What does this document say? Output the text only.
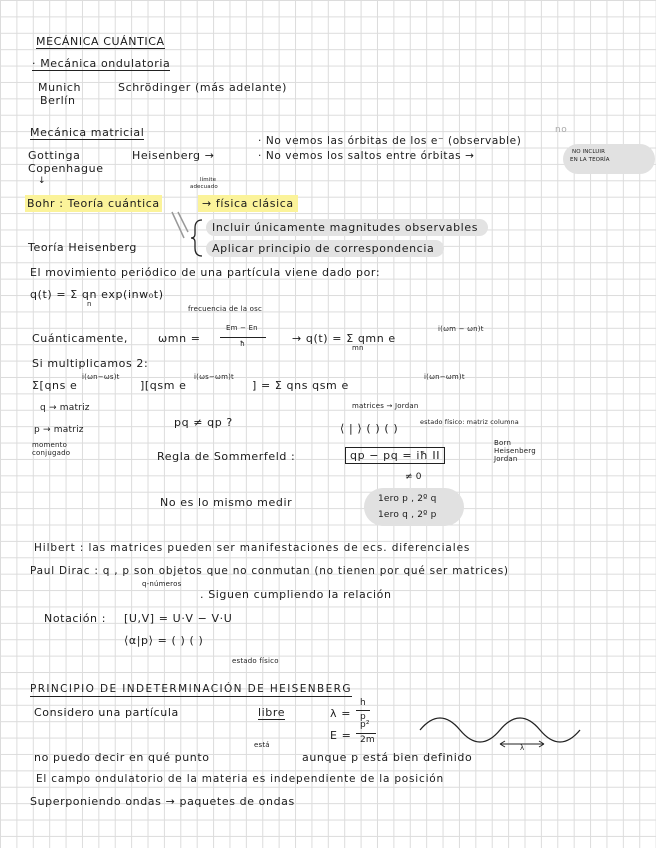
MECÁNICA CUÁNTICA
· Mecánica ondulatoria
Munich
Berlín
Schrödinger (más adelante)
Mecánica matricial
Gottinga
Copenhague
↓
Heisenberg →
no
· No vemos las órbitas de los e⁻ (observable)
· No vemos los saltos entre órbitas →	NO INCLUIR
EN LA TEORÍA
límite
adecuado
Bohr : Teoría cuántica	→ física clásica
Incluir únicamente magnitudes observables
Aplicar principio de correspondencia
Teoría Heisenberg
El movimiento periódico de una partícula viene dado por:
q(t) = Σ qn exp(inw₀t)
n
frecuencia de la osc
Cuánticamente,	ωmn =
Em − En
ħ	→ q(t) = Σ qmn e
mn
i(ωm − ωn)t
Si multiplicamos 2:
Σ[qns e
i(ωn−ωs)t
][qsm e
i(ωs−ωm)t
] = Σ qns qsm e
i(ωn−ωm)t
matrices → Jordan
q → matriz
p → matriz
momento
conjugado
pq ≠ qp ?	⟨ | ⟩ ( ) ( )	estado físico: matriz columna
Regla de Sommerfeld :	qp − pq = iħ II
≠ 0
Born
Heisenberg
Jordan
No es lo mismo medir	1ero p , 2º q
1ero q , 2º p
Hilbert : las matrices pueden ser manifestaciones de ecs. diferenciales
Paul Dirac : q , p son objetos que no conmutan (no tienen por qué ser matrices)
q-números
. Siguen cumpliendo la relación
Notación : [U,V] = U·V − V·U
⟨α|p⟩ = ( ) ( )
estado físico
PRINCIPIO DE INDETERMINACIÓN DE HEISENBERG
Considero una partícula	libre	λ =
h
p
E =
p²
2m
está
no puedo decir en qué punto	aunque p está bien definido
λ
El campo ondulatorio de la materia es independiente de la posición
Superponiendo ondas → paquetes de ondas
